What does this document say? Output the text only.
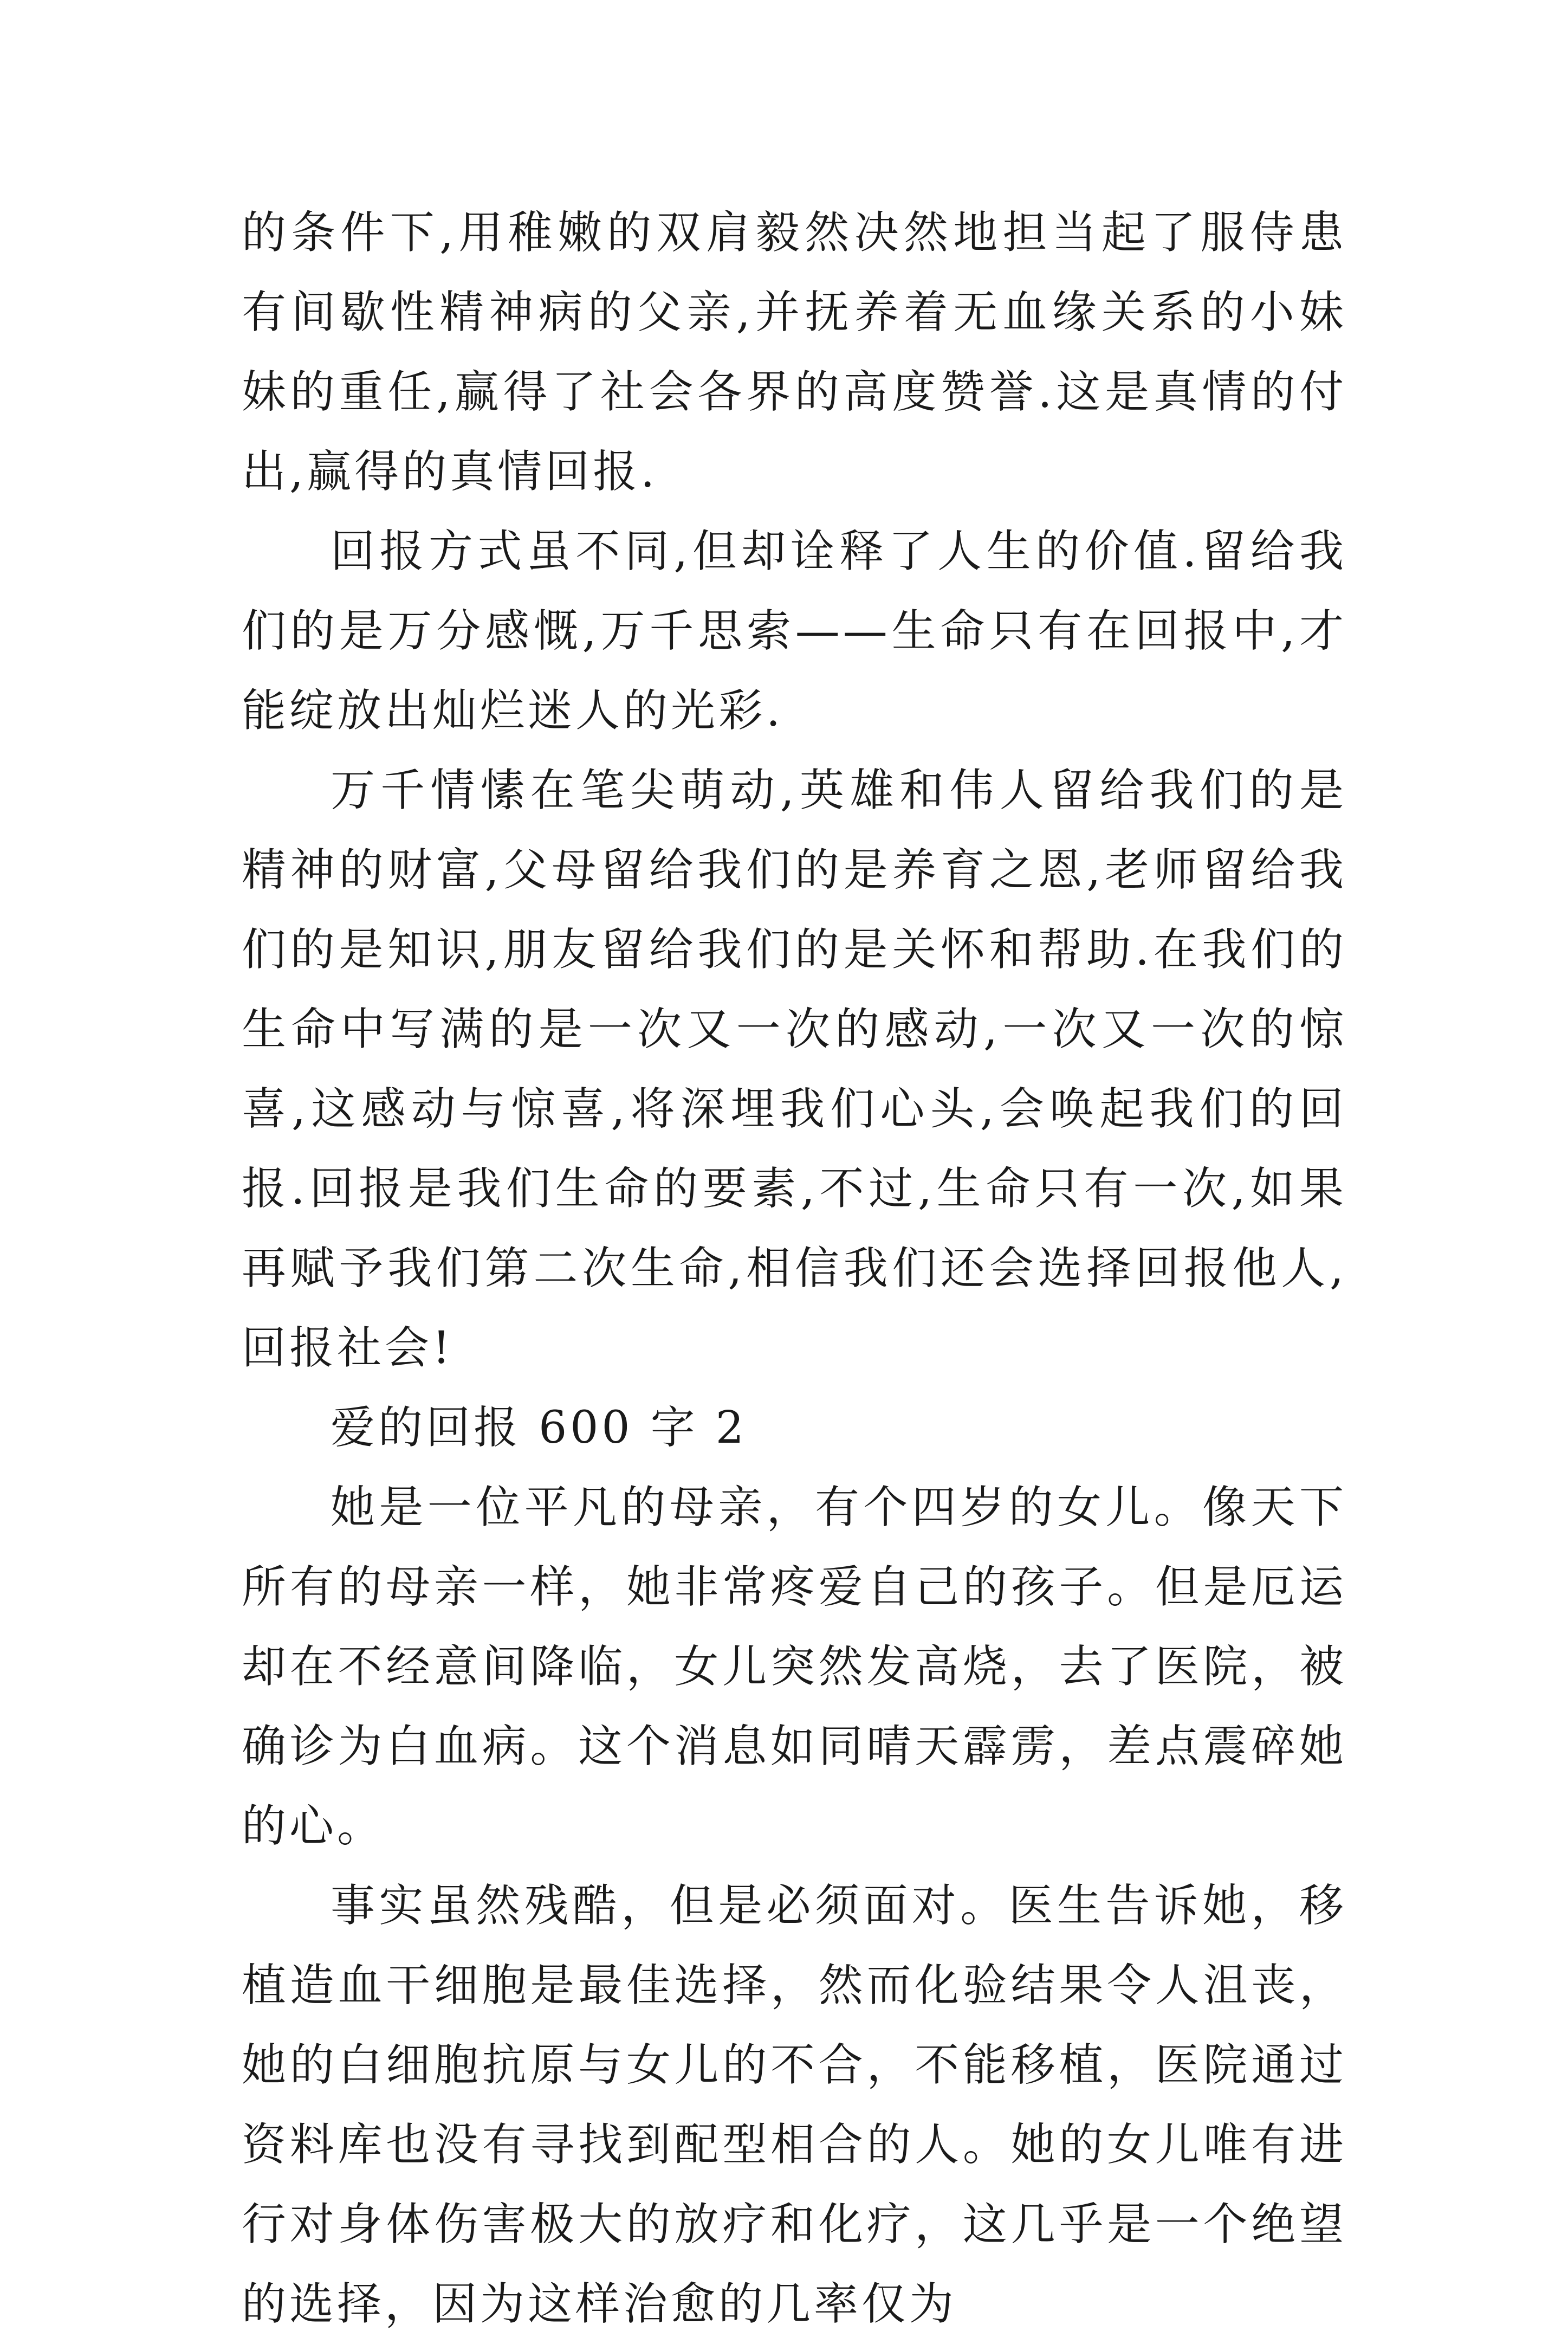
的条件下,用稚嫩的双肩毅然决然地担当起了服侍患有间歇性精神病的父亲,并抚养着无血缘关系的小妹妹的重任,赢得了社会各界的高度赞誉.这是真情的付出,赢得的真情回报.

回报方式虽不同,但却诠释了人生的价值.留给我们的是万分感慨,万千思索——生命只有在回报中,才能绽放出灿烂迷人的光彩.

万千情愫在笔尖萌动,英雄和伟人留给我们的是精神的财富,父母留给我们的是养育之恩,老师留给我们的是知识,朋友留给我们的是关怀和帮助.在我们的生命中写满的是一次又一次的感动,一次又一次的惊喜,这感动与惊喜,将深埋我们心头,会唤起我们的回报.回报是我们生命的要素,不过,生命只有一次,如果再赋予我们第二次生命,相信我们还会选择回报他人,回报社会!

爱的回报 600 字 2

她是一位平凡的母亲，有个四岁的女儿。像天下所有的母亲一样，她非常疼爱自己的孩子。但是厄运却在不经意间降临，女儿突然发高烧，去了医院，被确诊为白血病。这个消息如同晴天霹雳，差点震碎她的心。

事实虽然残酷，但是必须面对。医生告诉她，移植造血干细胞是最佳选择，然而化验结果令人沮丧，她的白细胞抗原与女儿的不合，不能移植，医院通过资料库也没有寻找到配型相合的人。她的女儿唯有进行对身体伤害极大的放疗和化疗，这几乎是一个绝望的选择，因为这样治愈的几率仅为
